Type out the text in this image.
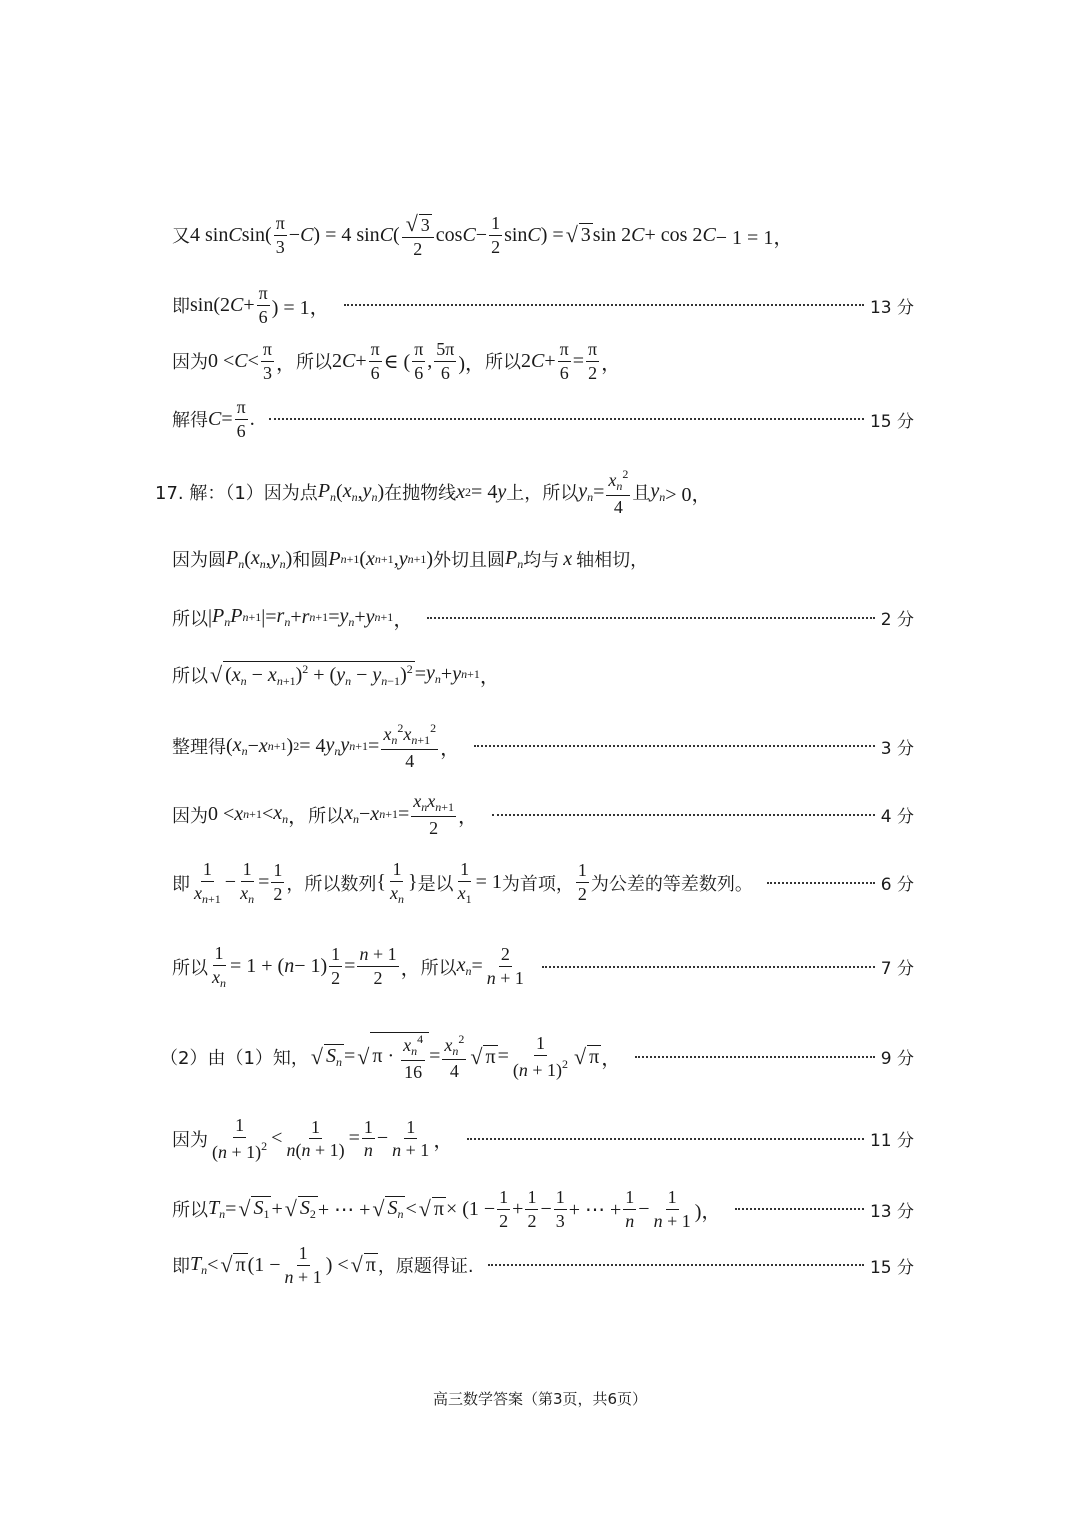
又 4 sin C $\sin( \frac{\pi}{3} - C$ ) = 4 sin C ( $\frac{√ 3}{2}$ $\cos C - \frac{1}{2}$ sin C ) = √ 3 sin 2 C + cos 2 C − 1 = 1，
即 sin(2 $C + \frac{\pi}{6}$ ) = 1，	13 分
因为 $0 < C < \frac{\pi}{3}$ ， 所以 2 $C + \frac{\pi}{6}$ ∈ ( $\frac{\pi}{6}$ , $\frac{5\pi}{6}$ )， 所以 2 $C + \frac{\pi}{6} = \frac{\pi}{2}$ ，
解得 $C = \frac{\pi}{6}$ .	15 分
17. 解：（1）因为点 $P_n$ ( $x_n$ , $y_n$ ) 在抛物线 x 2 = 4 y 上，所以 $y_n = \frac{x_n^2}{4}$ 且 $y_n > 0$，
因为圆 $P_n$ ( $x_n$ , $y_n$ ) 和圆 P n+1 ( x n+1 , y n+1 ) 外切且圆 $P_n$ 均与 x 轴相切，
所以 | $P_nP$ n+1 |= $r_n + r$ $n+1 = y_n + y$ n+1 ，	2 分
所以 √ $(x_n - x_{n+1})^2 + (y_n - y_{n-1})^2 = y_n + y$ n+1 ，
整理得 ( $x_n - x$ n+1 ) 2 = 4 $y_ny$ $n+1 = \frac{x_n^2x_{n+1}^2}{4}$ ，	3 分
因为 0 < x $n+1 < x_n$ ， 所以 $x_n - x$ $n+1 = \frac{x_nx_{n+1}}{2}$ ，	4 分
即 $\frac{1}{x_{n+1}} - \frac{1}{x_n} = \frac{1}{2}$ ，所以数列 { $\frac{1}{x_n}$ } 是以 $\frac{1}{x_1} = 1$ 为首项， $\frac{1}{2}$ 为公差的等差数列。	6 分
所以 $\frac{1}{x_n} = 1$ + ( $n - 1) \frac{1}{2} = \frac{n + 1}{2}$ ， 所以 $x_n = \frac{2}{n + 1}$	7 分
（2）由（1）知， √ $S_n$ = √ $\pi \cdot \frac{x_n^4}{16} = \frac{x_n^2}{4}$ √ $\pi = \frac{1}{(n + 1)^2}$ √ π ，	9 分
因为 $\frac{1}{(n + 1)^2} < \frac{1}{n(n + 1)} = \frac{1}{n} - \frac{1}{n + 1}$ ，	11 分
所以 $T_n$ = √ $S_1$ + √ $S_2$ + ⋯ + √ $S_n$ < √ $\pi \times (1 - \frac{1}{2} + \frac{1}{2} - \frac{1}{3}$ + ⋯ + $\frac{1}{n} - \frac{1}{n + 1}$ )，	13 分
即 $T_n$ < √ π ($1 - \frac{1}{n + 1}$ ) < √ π ，原题得证.	15 分
高三数学答案（第3页，共6页）
